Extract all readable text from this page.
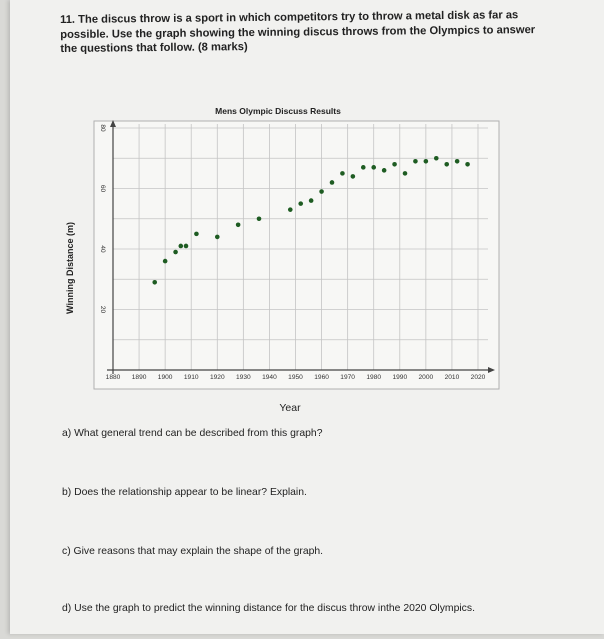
11. The discus throw is a sport in which competitors try to throw a metal disk as far as possible. Use the graph showing the winning discus throws from the Olympics to answer the questions that follow. (8 marks)
20
40
60
80
1880 1890 1900 1910 1920 1930 1940 1950 1960 1970 1980 1990 2000 2010 2020
Mens Olympic Discuss Results
Year
Winning Distance (m)
a) What general trend can be described from this graph?
b) Does the relationship appear to be linear? Explain.
c) Give reasons that may explain the shape of the graph.
d) Use the graph to predict the winning distance for the discus throw inthe 2020 Olympics.
